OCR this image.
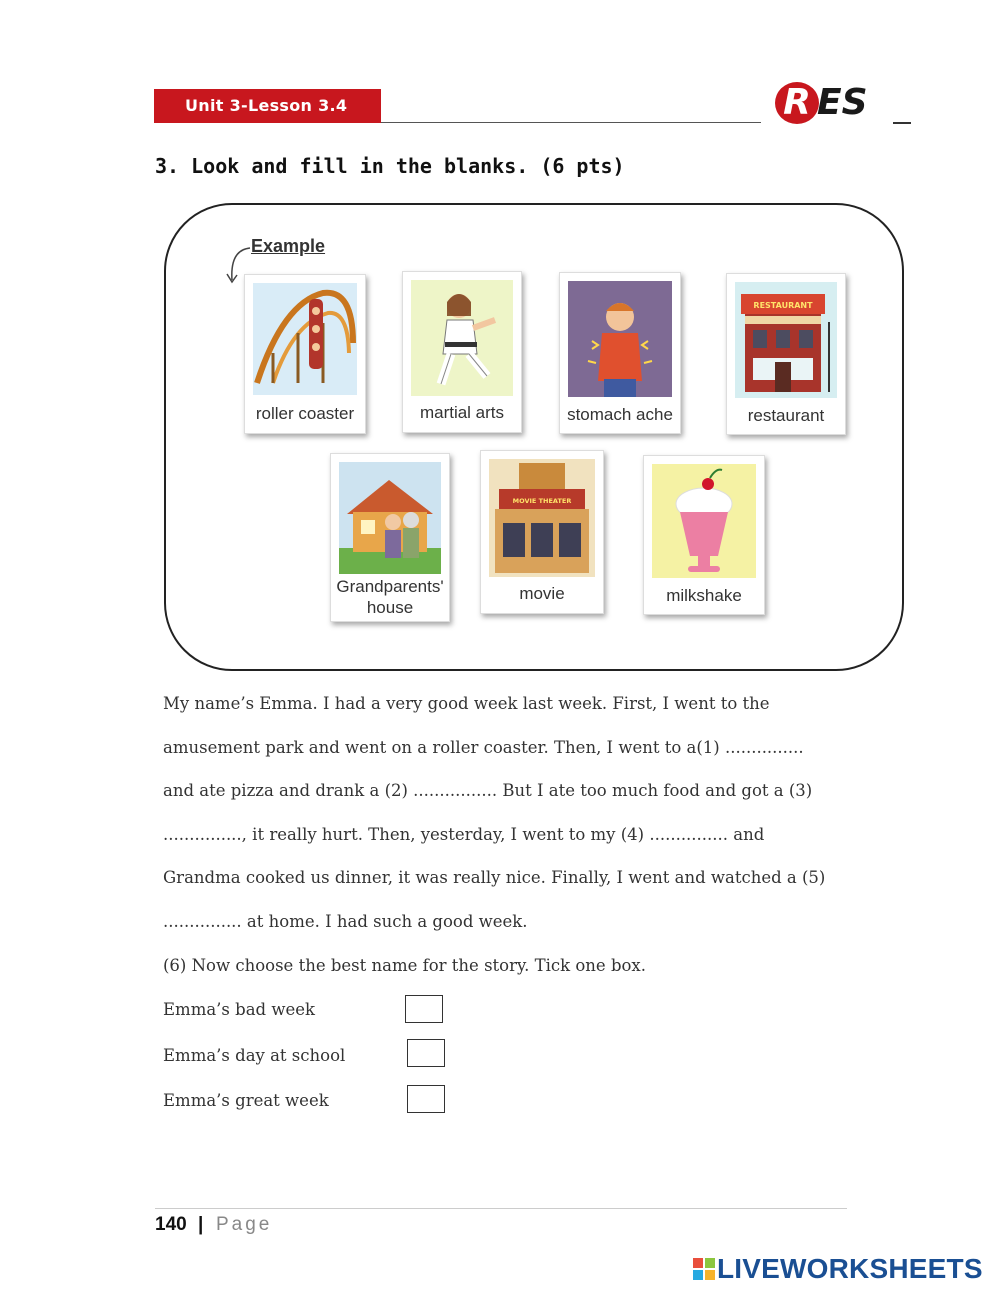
Unit 3-Lesson 3.4	R ES
3. Look and fill in the blanks. (6 pts)
Example
roller coaster	martial arts	stomach ache
RESTAURANT
restaurant
Grandparents'
house
MOVIE THEATER
movie	milkshake

My name’s Emma. I had a very good week last week. First, I went to the

amusement park and went on a roller coaster. Then, I went to a(1) ...............

and ate pizza and drank a (2) ................ But I ate too much food and got a (3)

..............., it really hurt. Then, yesterday, I went to my (4) ............... and

Grandma cooked us dinner, it was really nice. Finally, I went and watched a (5)

............... at home. I had such a good week.

(6) Now choose the best name for the story. Tick one box.
Emma’s bad week
Emma’s day at school
Emma’s great week
140 | Page
LIVEWORKSHEETS
